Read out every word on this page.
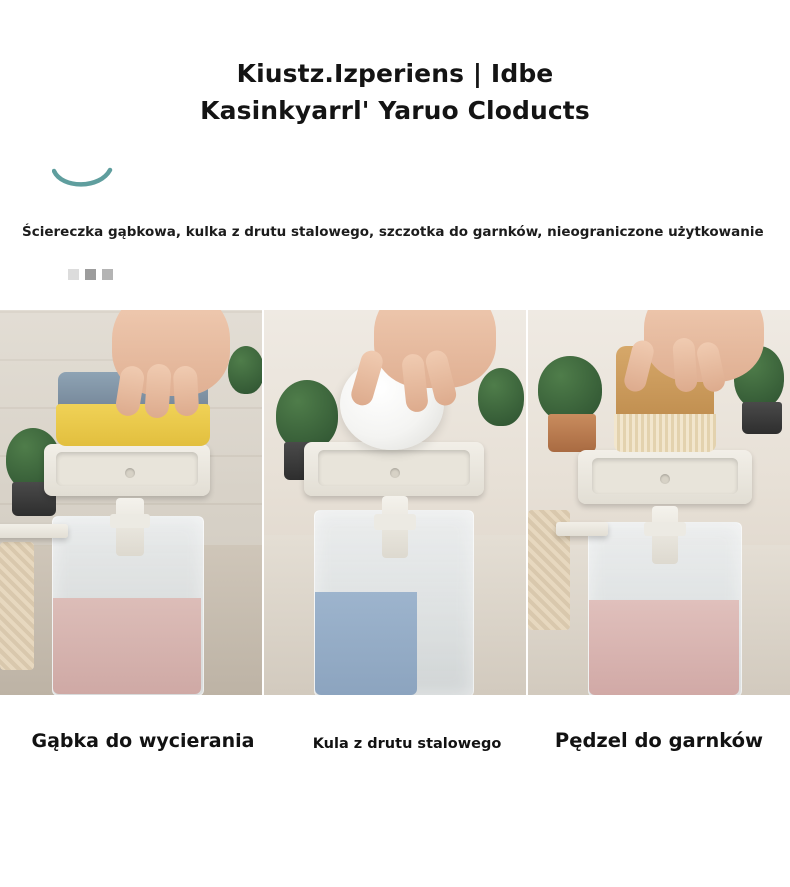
Kiustz.Izperiens | Idbe
Kasinkyarrl' Yaruo Cloducts
Ściereczka gąbkowa, kulka z drutu stalowego, szczotka do garnków, nieograniczone użytkowanie
Gąbka do wycierania	Kula z drutu stalowego	Pędzel do garnków
